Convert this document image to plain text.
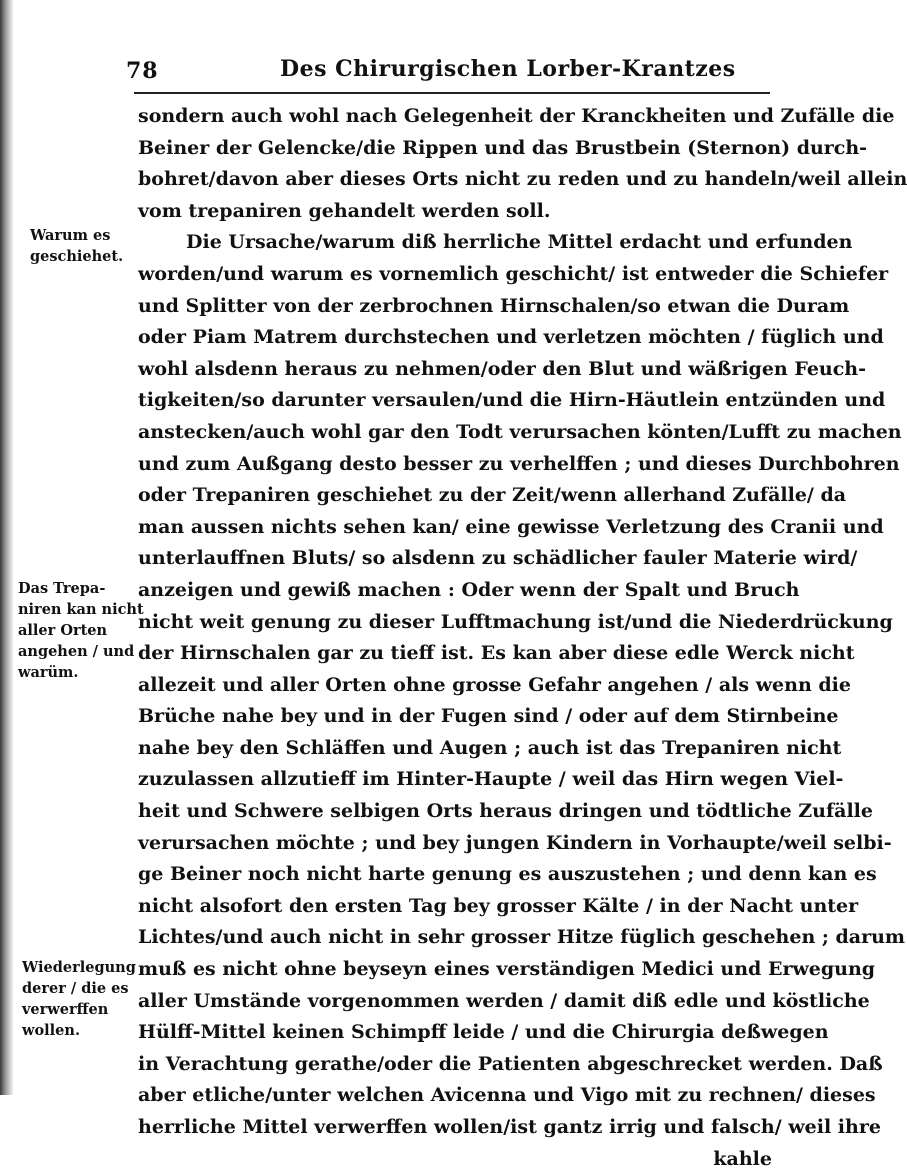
78	Des Chirurgischen Lorber-Krantzes
sondern auch wohl nach Gelegenheit der Kranckheiten und Zufälle die
Beiner der Gelencke/die Rippen und das Brustbein (Sternon) durch-
bohret/davon aber dieses Orts nicht zu reden und zu handeln/weil allein
vom trepaniren gehandelt werden soll.
Die Ursache/warum diß herrliche Mittel erdacht und erfunden
worden/und warum es vornemlich geschicht/ ist entweder die Schiefer
und Splitter von der zerbrochnen Hirnschalen/so etwan die Duram
oder Piam Matrem durchstechen und verletzen möchten / füglich und
wohl alsdenn heraus zu nehmen/oder den Blut und wäßrigen Feuch-
tigkeiten/so darunter versaulen/und die Hirn-Häutlein entzünden und
anstecken/auch wohl gar den Todt verursachen könten/Lufft zu machen
und zum Außgang desto besser zu verhelffen ; und dieses Durchbohren
oder Trepaniren geschiehet zu der Zeit/wenn allerhand Zufälle/ da
man aussen nichts sehen kan/ eine gewisse Verletzung des Cranii und
unterlauffnen Bluts/ so alsdenn zu schädlicher fauler Materie wird/
anzeigen und gewiß machen : Oder wenn der Spalt und Bruch
nicht weit genung zu dieser Lufftmachung ist/und die Niederdrückung
der Hirnschalen gar zu tieff ist. Es kan aber diese edle Werck nicht
allezeit und aller Orten ohne grosse Gefahr angehen / als wenn die
Brüche nahe bey und in der Fugen sind / oder auf dem Stirnbeine
nahe bey den Schläffen und Augen ; auch ist das Trepaniren nicht
zuzulassen allzutieff im Hinter-Haupte / weil das Hirn wegen Viel-
heit und Schwere selbigen Orts heraus dringen und tödtliche Zufälle
verursachen möchte ; und bey jungen Kindern in Vorhaupte/weil selbi-
ge Beiner noch nicht harte genung es auszustehen ; und denn kan es
nicht alsofort den ersten Tag bey grosser Kälte / in der Nacht unter
Lichtes/und auch nicht in sehr grosser Hitze füglich geschehen ; darum
muß es nicht ohne beyseyn eines verständigen Medici und Erwegung
aller Umstände vorgenommen werden / damit diß edle und köstliche
Hülff-Mittel keinen Schimpff leide / und die Chirurgia deßwegen
in Verachtung gerathe/oder die Patienten abgeschrecket werden. Daß
aber etliche/unter welchen Avicenna und Vigo mit zu rechnen/ dieses
herrliche Mittel verwerffen wollen/ist gantz irrig und falsch/ weil ihre
kahle
Warum es
geschiehet.
Das Trepa-
niren kan nicht
aller Orten
angehen / und
warüm.
Wiederlegung
derer / die es
verwerffen
wollen.
